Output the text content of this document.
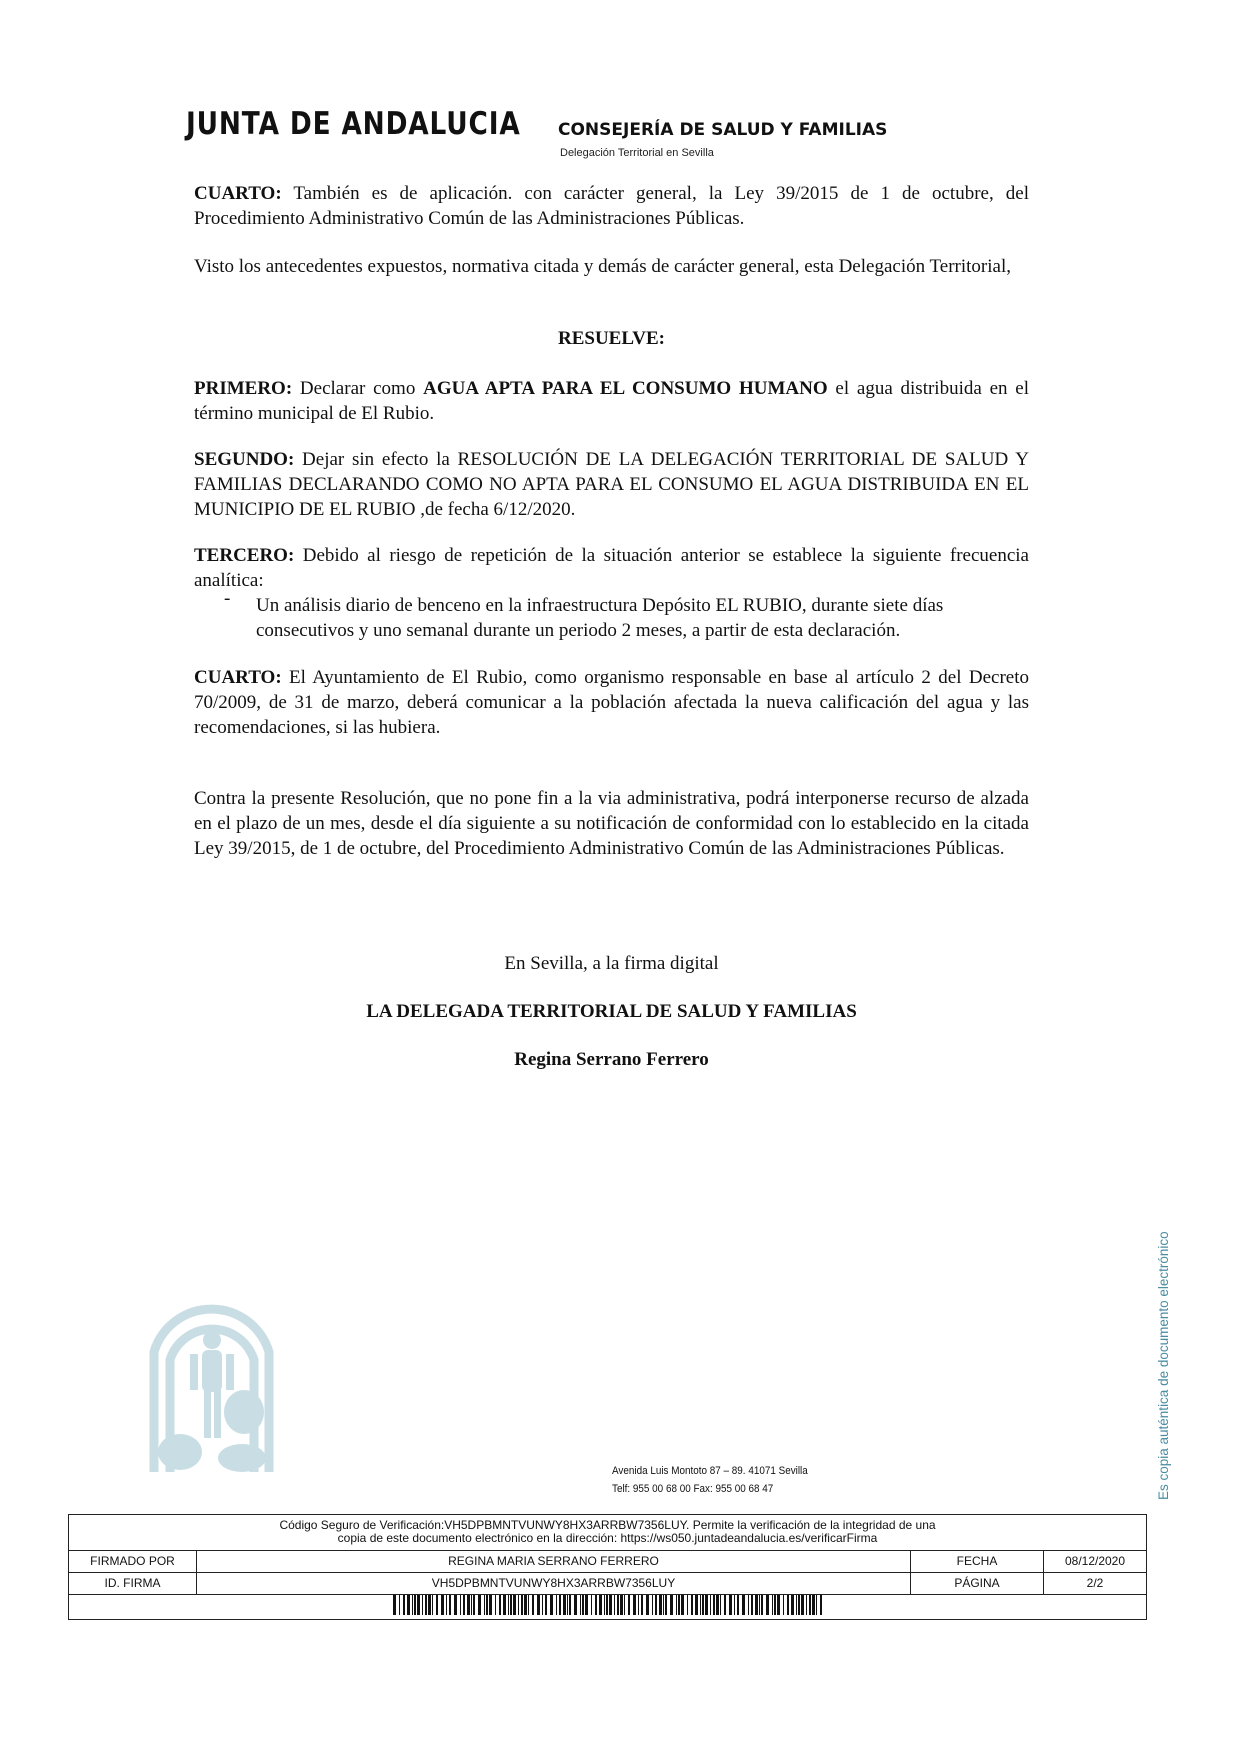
JUNTA DE ANDALUCIA CONSEJERÍA DE SALUD Y FAMILIAS
Delegación Territorial en Sevilla
CUARTO: También es de aplicación. con carácter general, la Ley 39/2015 de 1 de octubre, del Procedimiento Administrativo Común de las Administraciones Públicas.
Visto los antecedentes expuestos, normativa citada y demás de carácter general, esta Delegación Territorial,
RESUELVE:
PRIMERO: Declarar como AGUA APTA PARA EL CONSUMO HUMANO el agua distribuida en el término municipal de El Rubio.
SEGUNDO: Dejar sin efecto la RESOLUCIÓN DE LA DELEGACIÓN TERRITORIAL DE SALUD Y FAMILIAS DECLARANDO COMO NO APTA PARA EL CONSUMO EL AGUA DISTRIBUIDA EN EL MUNICIPIO DE EL RUBIO ,de fecha 6/12/2020.
TERCERO: Debido al riesgo de repetición de la situación anterior se establece la siguiente frecuencia analítica:
- Un análisis diario de benceno en la infraestructura Depósito EL RUBIO, durante siete días consecutivos y uno semanal durante un periodo 2 meses, a partir de esta declaración.
CUARTO: El Ayuntamiento de El Rubio, como organismo responsable en base al artículo 2 del Decreto 70/2009, de 31 de marzo, deberá comunicar a la población afectada la nueva calificación del agua y las recomendaciones, si las hubiera.
Contra la presente Resolución, que no pone fin a la via administrativa, podrá interponerse recurso de alzada en el plazo de un mes, desde el día siguiente a su notificación de conformidad con lo establecido en la citada Ley 39/2015, de 1 de octubre, del Procedimiento Administrativo Común de las Administraciones Públicas.
En Sevilla, a la firma digital
LA DELEGADA TERRITORIAL DE SALUD Y FAMILIAS
Regina Serrano Ferrero
Avenida Luis Montoto 87 – 89. 41071 Sevilla
Telf: 955 00 68 00 Fax: 955 00 68 47	Es copia auténtica de documento electrónico
Código Seguro de Verificación:VH5DPBMNTVUNWY8HX3ARRBW7356LUY. Permite la verificación de la integridad de una
copia de este documento electrónico en la dirección: https://ws050.juntadeandalucia.es/verificarFirma
FIRMADO POR	REGINA MARIA SERRANO FERRERO	FECHA	08/12/2020
ID. FIRMA	VH5DPBMNTVUNWY8HX3ARRBW7356LUY	PÁGINA	2/2
